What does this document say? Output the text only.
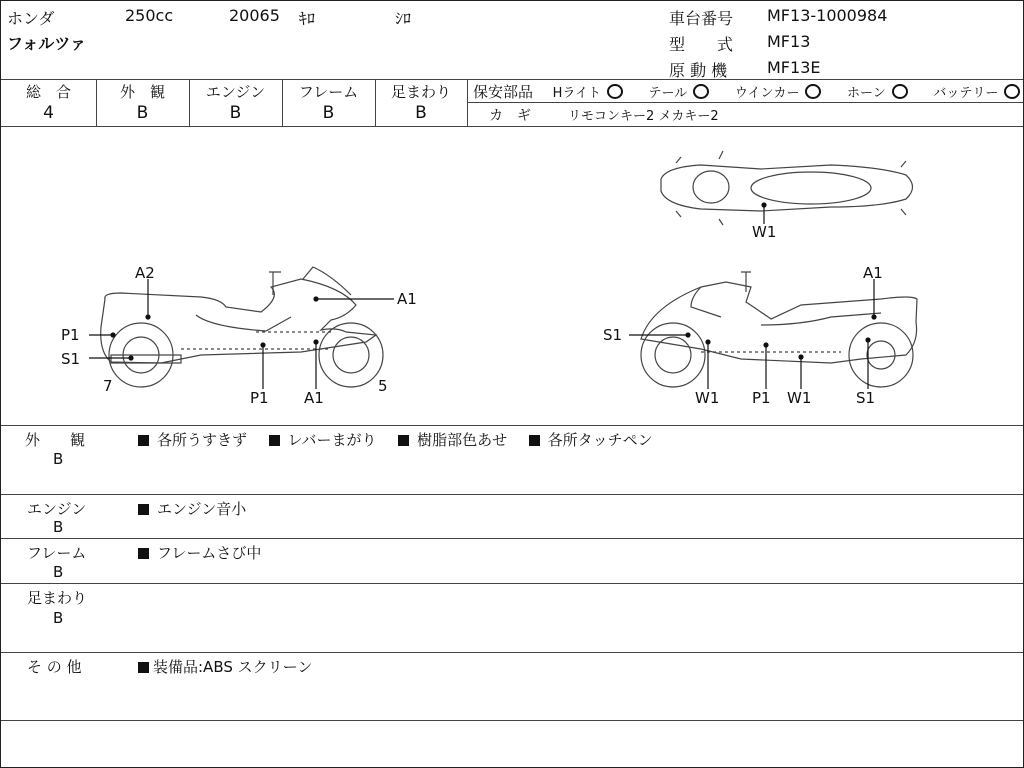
ホンダ	250cc	20065 ｷﾛ	ｼﾛ
フォルツァ
車台番号 MF13-1000984
型　　式 MF13
原 動 機 MF13E
総　合
4
外　観
B
エンジン
B
フレーム
B
足まわり
B
保安部品 Hライト	テール	ウインカー	ホーン	バッテリー
カ　ギ	リモコンキー2 メカキー2
A2
A1
P1
S1
7	5
P1 A1
W1
A1
S1
W1 P1 W1	S1
外　　観
B
各所うすきず	レバーまがり	樹脂部色あせ	各所タッチペン
エンジン
B
エンジン音小
フレーム
B
フレームさび中
足まわり
B
そ の 他	装備品:ABS スクリーン
